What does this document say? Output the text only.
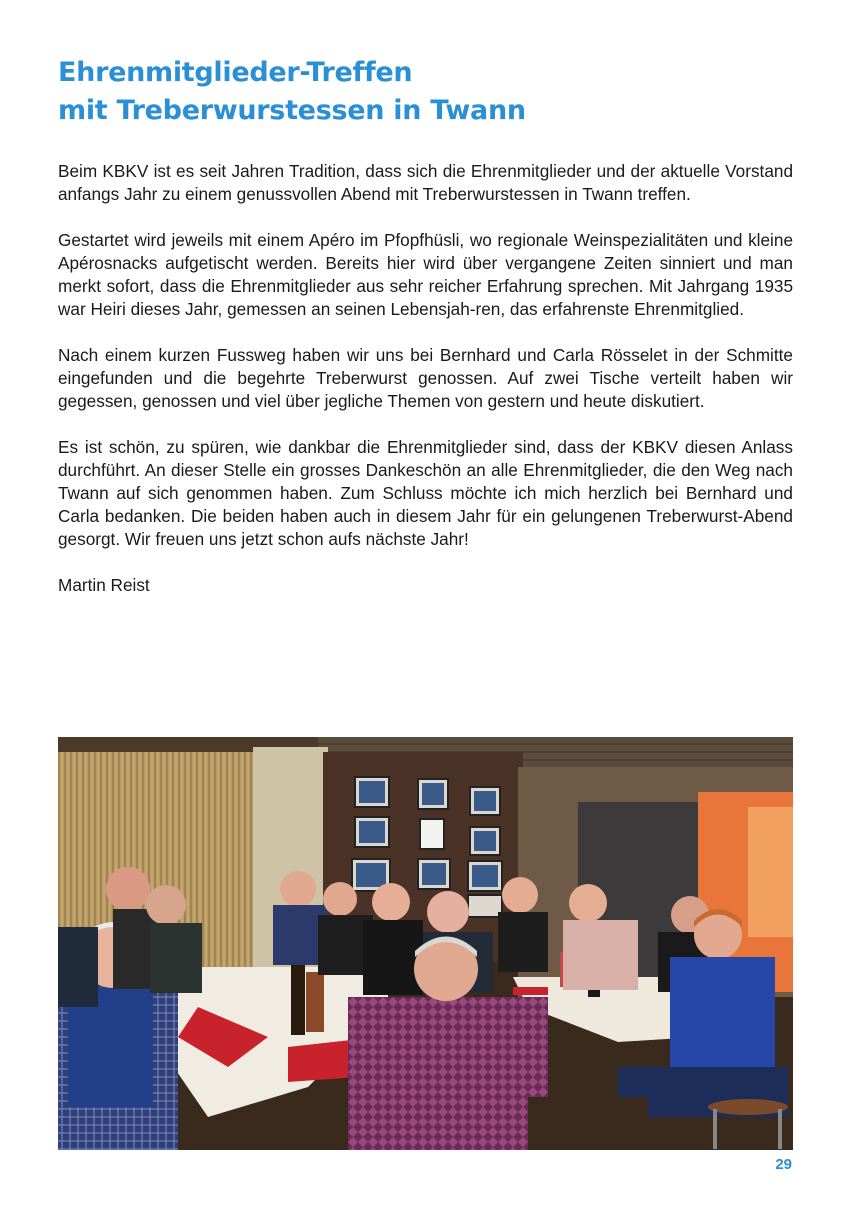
Ehrenmitglieder-Treffen
mit Treberwurstessen in Twann

Beim KBKV ist es seit Jahren Tradition, dass sich die Ehrenmitglieder und der aktuelle Vorstand anfangs Jahr zu einem genussvollen Abend mit Treberwurstessen in Twann treffen.

Gestartet wird jeweils mit einem Apéro im Pfopfhüsli, wo regionale Weinspezialitäten und kleine Apérosnacks aufgetischt werden. Bereits hier wird über vergangene Zeiten sinniert und man merkt sofort, dass die Ehrenmitglieder aus sehr reicher Erfahrung sprechen. Mit Jahrgang 1935 war Heiri dieses Jahr, gemessen an seinen Lebensjah-ren, das erfahrenste Ehrenmitglied.

Nach einem kurzen Fussweg haben wir uns bei Bernhard und Carla Rösselet in der Schmitte eingefunden und die begehrte Treberwurst genossen. Auf zwei Tische verteilt haben wir gegessen, genossen und viel über jegliche Themen von gestern und heute diskutiert.

Es ist schön, zu spüren, wie dankbar die Ehrenmitglieder sind, dass der KBKV diesen Anlass durchführt. An dieser Stelle ein grosses Dankeschön an alle Ehrenmitglieder, die den Weg nach Twann auf sich genommen haben. Zum Schluss möchte ich mich herzlich bei Bernhard und Carla bedanken. Die beiden haben auch in diesem Jahr für ein gelungenen Treberwurst-Abend gesorgt. Wir freuen uns jetzt schon aufs nächste Jahr!

Martin Reist

29
